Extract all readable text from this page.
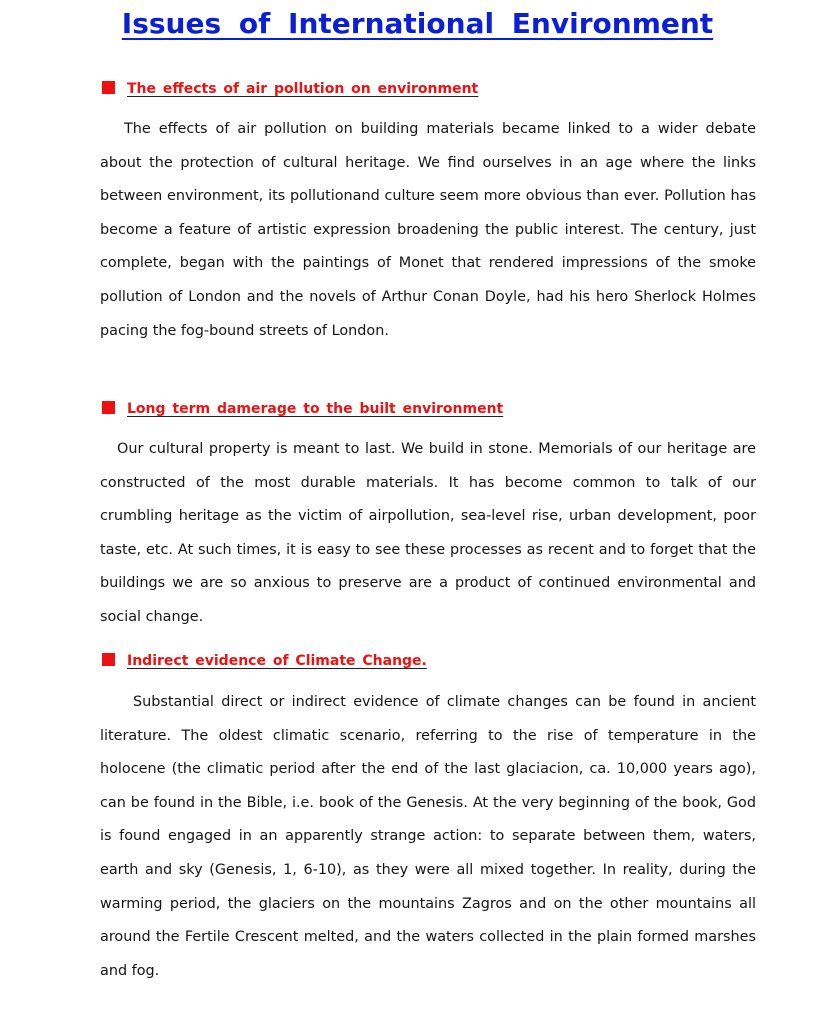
Issues of International Environment
The effects of air pollution on environment

The effects of air pollution on building materials became linked to a wider debate about the protection of cultural heritage. We find ourselves in an age where the links between environment, its pollutionand culture seem more obvious than ever. Pollution has become a feature of artistic expression broadening the public interest. The century, just complete, began with the paintings of Monet that rendered impressions of the smoke pollution of London and the novels of Arthur Conan Doyle, had his hero Sherlock Holmes pacing the fog-bound streets of London.

Long term damerage to the built environment

Our cultural property is meant to last. We build in stone. Memorials of our heritage are constructed of the most durable materials. It has become common to talk of our crumbling heritage as the victim of airpollution, sea-level rise, urban development, poor taste, etc. At such times, it is easy to see these processes as recent and to forget that the buildings we are so anxious to preserve are a product of continued environmental and social change.

Indirect evidence of Climate Change.

Substantial direct or indirect evidence of climate changes can be found in ancient literature. The oldest climatic scenario, referring to the rise of temperature in the holocene (the climatic period after the end of the last glaciacion, ca. 10,000 years ago), can be found in the Bible, i.e. book of the Genesis. At the very beginning of the book, God is found engaged in an apparently strange action: to separate between them, waters, earth and sky (Genesis, 1, 6-10), as they were all mixed together. In reality, during the warming period, the glaciers on the mountains Zagros and on the other mountains all around the Fertile Crescent melted, and the waters collected in the plain formed marshes and fog.
